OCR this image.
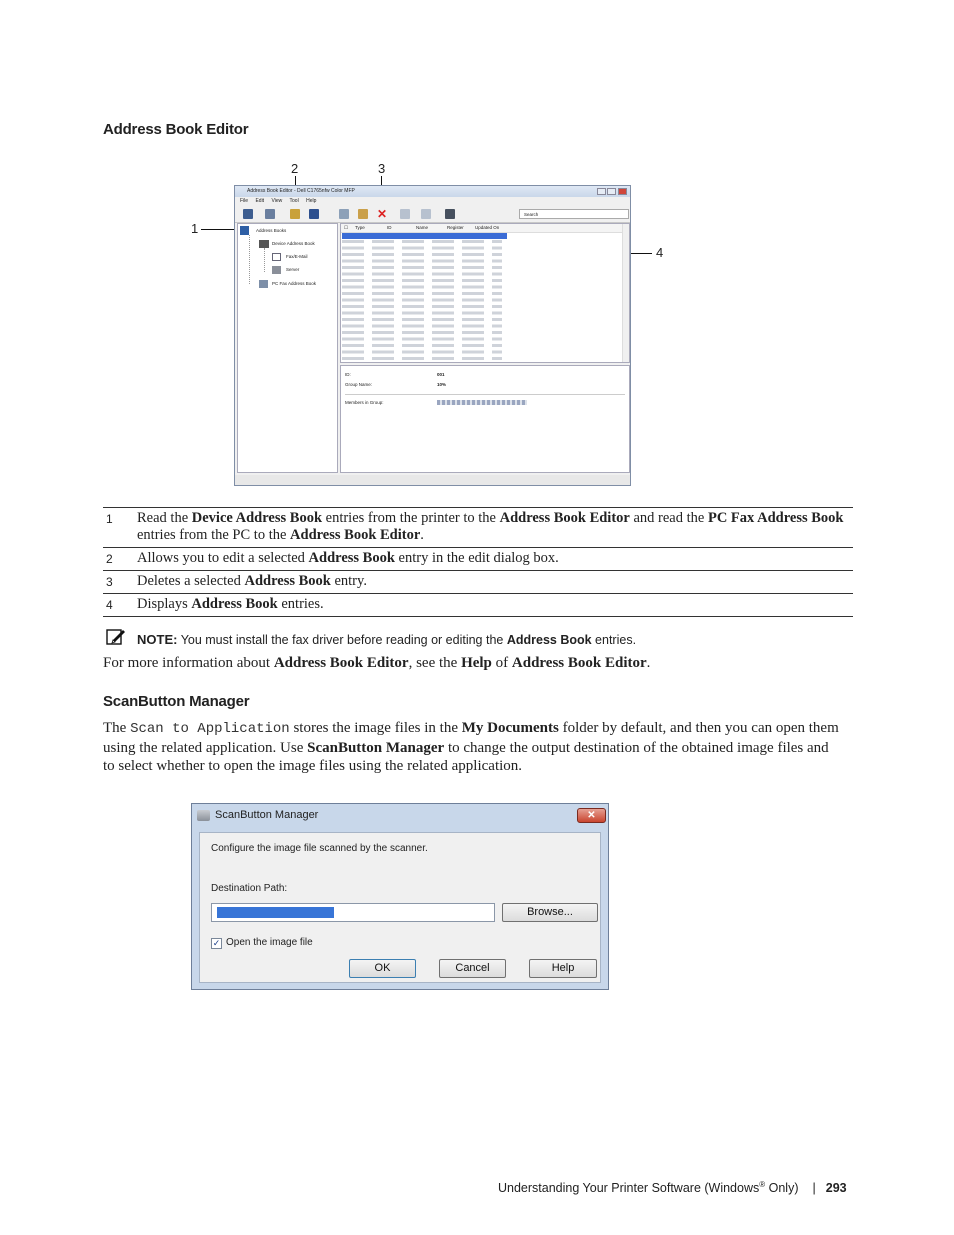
Address Book Editor
2	3
1
4
Address Book Editor - Dell C1765nfw Color MFP
File Edit View Tool Help
✕	Search
Address Books
Device Address Book
Fax/E-Mail
Server
PC Fax Address Book
☐ Type	ID	Name	Register Updated On
ID:	001
Group Name:	10%
Members in Group:
1	Read the Device Address Book entries from the printer to the Address Book Editor and read the PC Fax Address Book
entries from the PC to the Address Book Editor.
2	Allows you to edit a selected Address Book entry in the edit dialog box.
3	Deletes a selected Address Book entry.
4	Displays Address Book entries.
NOTE: You must install the fax driver before reading or editing the Address Book entries.
For more information about Address Book Editor, see the Help of Address Book Editor.
ScanButton Manager
The Scan to Application stores the image files in the My Documents folder by default, and then you can open them using the related application. Use ScanButton Manager to change the output destination of the obtained image files and to select whether to open the image files using the related application.
ScanButton Manager	✕
Configure the image file scanned by the scanner.
Destination Path:
Browse...
✓ Open the image file
OK	Cancel	Help
Understanding Your Printer Software (Windows® Only) | 293
